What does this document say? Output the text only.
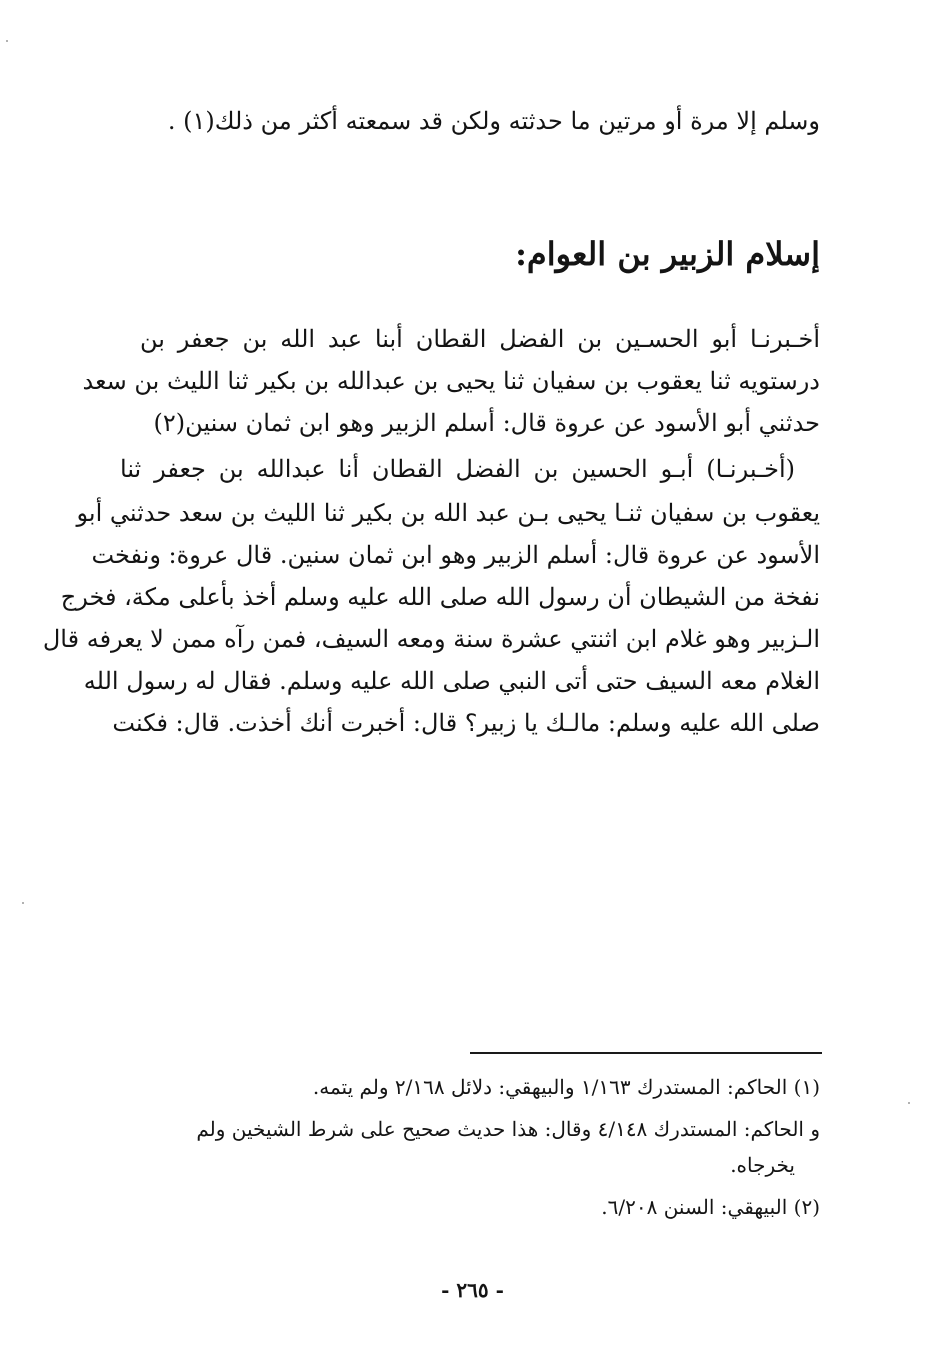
وسلم إلا مرة أو مرتين ما حدثته ولكن قد سمعته أكثر من ذلك(١) .
إسلام الزبير بن العوام:
أخـبرنـا أبو الحسـين بن الفضل القطان أبنا عبد الله بن جعفر بن
درستويه ثنا يعقوب بن سفيان ثنا يحيى بن عبدالله بن بكير ثنا الليث بن سعد
حدثني أبو الأسود عن عروة قال: أسلم الزبير وهو ابن ثمان سنين(٢)
(أخـبرنـا) أبـو الحسين بن الفضل القطان أنا عبدالله بن جعفر ثنا
يعقوب بن سفيان ثنـا يحيى بـن عبد الله بن بكير ثنا الليث بن سعد حدثني أبو
الأسود عن عروة قال: أسلم الزبير وهو ابن ثمان سنين. قال عروة: ونفخت
نفخة من الشيطان أن رسول الله صلى الله عليه وسلم أخذ بأعلى مكة، فخرج
الـزبير وهو غلام ابن اثنتي عشرة سنة ومعه السيف، فمن رآه ممن لا يعرفه قال
الغلام معه السيف حتى أتى النبي صلى الله عليه وسلم. فقال له رسول الله
صلى الله عليه وسلم: مالـك يا زبير؟ قال: أخبرت أنك أخذت. قال: فكنت
(١) الحاكم: المستدرك ١/١٦٣ والبيهقي: دلائل ٢/١٦٨ ولم يتمه.
و الحاكم: المستدرك ٤/١٤٨ وقال: هذا حديث صحيح على شرط الشيخين ولم
يخرجاه.
(٢) البيهقي: السنن ٦/٢٠٨.
- ٢٦٥ -
